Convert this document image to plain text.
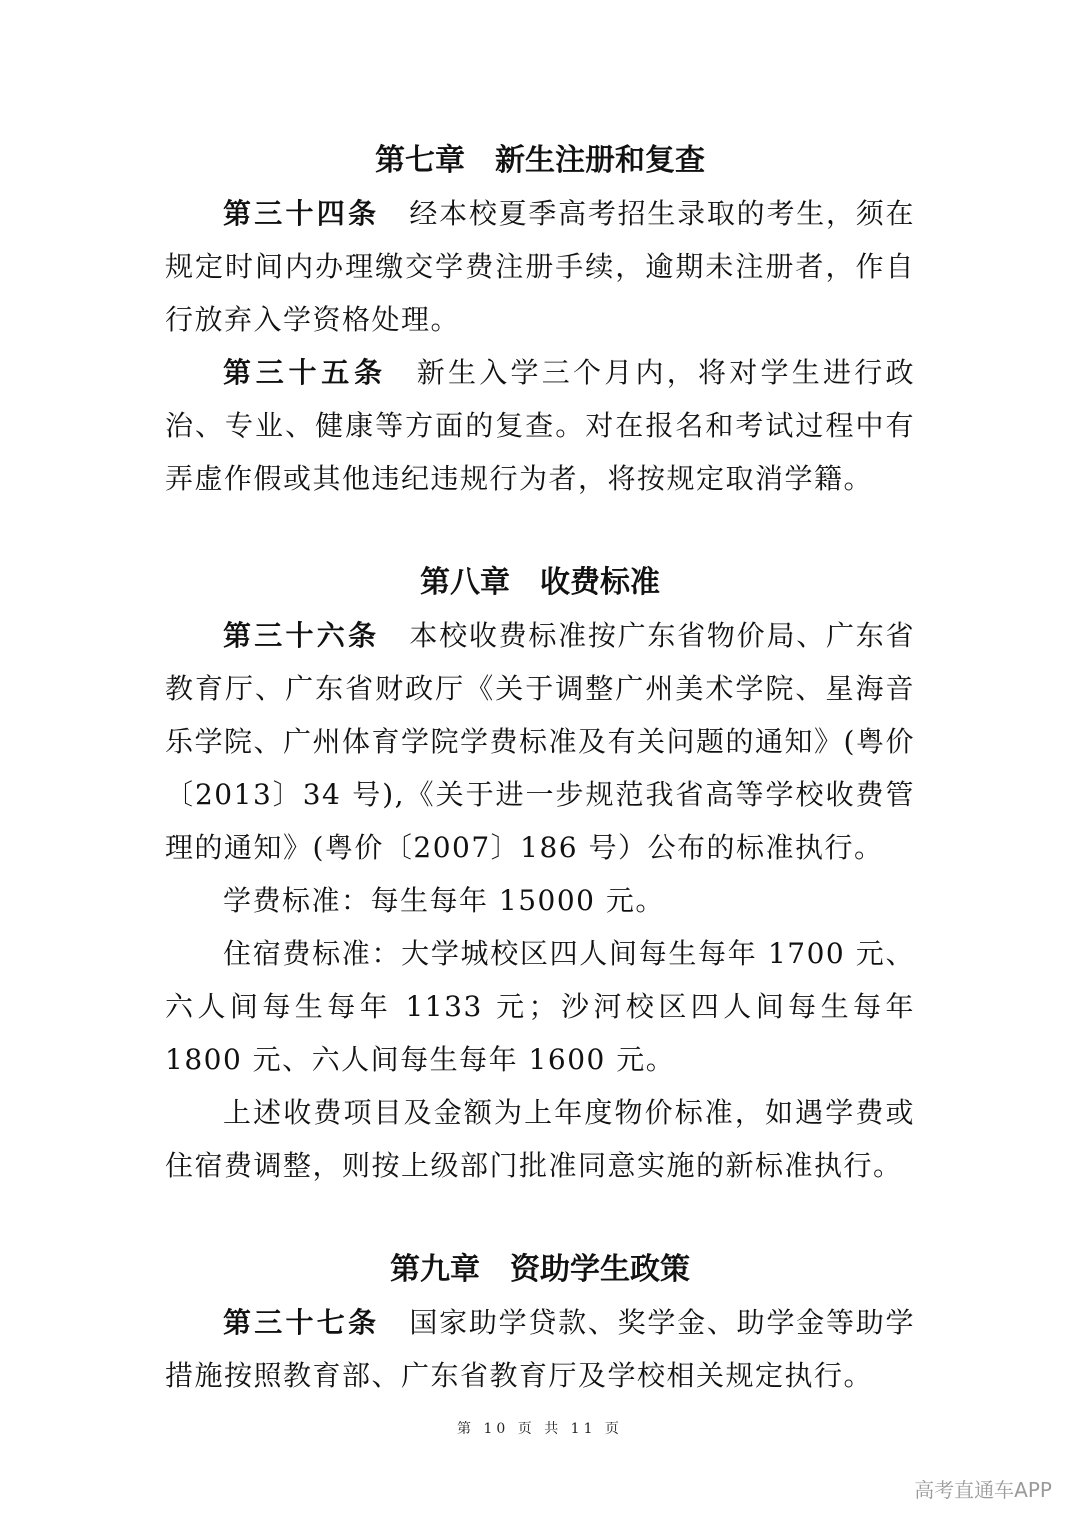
第七章　新生注册和复查

第三十四条 经本校夏季高考招生录取的考生，须在规定时间内办理缴交学费注册手续，逾期未注册者，作自行放弃入学资格处理。

第三十五条 新生入学三个月内，将对学生进行政治、专业、健康等方面的复查。对在报名和考试过程中有弄虚作假或其他违纪违规行为者，将按规定取消学籍。

第八章　收费标准

第三十六条 本校收费标准按广东省物价局、广东省教育厅、广东省财政厅《关于调整广州美术学院、星海音乐学院、广州体育学院学费标准及有关问题的通知》(粤价〔2013〕34 号),《关于进一步规范我省高等学校收费管理的通知》(粤价〔2007〕186 号）公布的标准执行。

学费标准：每生每年 15000 元。

住宿费标准：大学城校区四人间每生每年 1700 元、六人间每生每年 1133 元；沙河校区四人间每生每年 1800 元、六人间每生每年 1600 元。

上述收费项目及金额为上年度物价标准，如遇学费或住宿费调整，则按上级部门批准同意实施的新标准执行。

第九章　资助学生政策

第三十七条 国家助学贷款、奖学金、助学金等助学措施按照教育部、广东省教育厅及学校相关规定执行。

第 10 页 共 11 页
高考直通车APP
